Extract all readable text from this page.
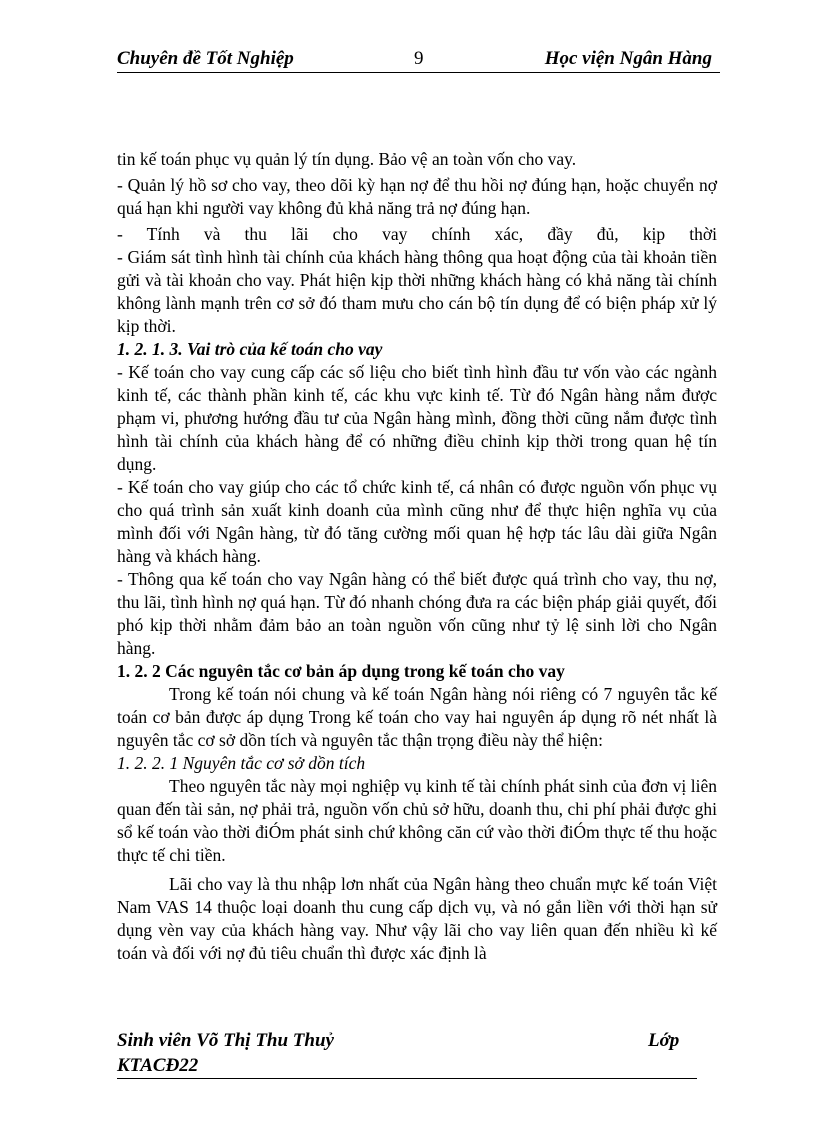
Chuyên đề Tốt Nghiệp	9	Học viện Ngân Hàng

tin kế toán phục vụ quản lý tín dụng. Bảo vệ an toàn vốn cho vay.

- Quản lý hồ sơ cho vay, theo dõi kỳ hạn nợ để thu hồi nợ đúng hạn, hoặc chuyển nợ quá hạn khi người vay không đủ khả năng trả nợ đúng hạn.

- Tính và thu lãi cho vay chính xác, đầy đủ, kịp thời

- Giám sát tình hình tài chính của khách hàng thông qua hoạt động của tài khoản tiền gửi và tài khoản cho vay. Phát hiện kịp thời những khách hàng có khả năng tài chính không lành mạnh trên cơ sở đó tham mưu cho cán bộ tín dụng để có biện pháp xử lý kịp thời.

1. 2. 1. 3. Vai trò của kế toán cho vay

- Kế toán cho vay cung cấp các số liệu cho biết tình hình đầu tư vốn vào các ngành kinh tế, các thành phần kinh tế, các khu vực kinh tế. Từ đó Ngân hàng nắm được phạm vi, phương hướng đầu tư của Ngân hàng mình, đồng thời cũng nắm được tình hình tài chính của khách hàng để có những điều chỉnh kịp thời trong quan hệ tín dụng.

- Kế toán cho vay giúp cho các tổ chức kinh tế, cá nhân có được nguồn vốn phục vụ cho quá trình sản xuất kinh doanh của mình cũng như để thực hiện nghĩa vụ của mình đối với Ngân hàng, từ đó tăng cường mối quan hệ hợp tác lâu dài giữa Ngân hàng và khách hàng.

- Thông qua kế toán cho vay Ngân hàng có thể biết được quá trình cho vay, thu nợ, thu lãi, tình hình nợ quá hạn. Từ đó nhanh chóng đưa ra các biện pháp giải quyết, đối phó kịp thời nhằm đảm bảo an toàn nguồn vốn cũng như tỷ lệ sinh lời cho Ngân hàng.

1. 2. 2 Các nguyên tắc cơ bản áp dụng trong kế toán cho vay

Trong kế toán nói chung và kế toán Ngân hàng nói riêng có 7 nguyên tắc kế toán cơ bản được áp dụng Trong kế toán cho vay hai nguyên áp dụng rõ nét nhất là nguyên tắc cơ sở dồn tích và nguyên tắc thận trọng điều này thể hiện:

1. 2. 2. 1 Nguyên tắc cơ sở dồn tích

Theo nguyên tắc này mọi nghiệp vụ kinh tế tài chính phát sinh của đơn vị liên quan đến tài sản, nợ phải trả, nguồn vốn chủ sở hữu, doanh thu, chi phí phải được ghi sổ kế toán vào thời điÓm phát sinh chứ không căn cứ vào thời điÓm thực tế thu hoặc thực tế chi tiền.

Lãi cho vay là thu nhập lơn nhất của Ngân hàng theo chuẩn mực kế toán Việt Nam VAS 14 thuộc loại doanh thu cung cấp dịch vụ, và nó gắn liền với thời hạn sử dụng vèn vay của khách hàng vay. Như vậy lãi cho vay liên quan đến nhiều kì kế toán và đối với nợ đủ tiêu chuẩn thì được xác định là

Sinh viên Võ Thị Thu Thuỷ	Lớp
KTACĐ22
